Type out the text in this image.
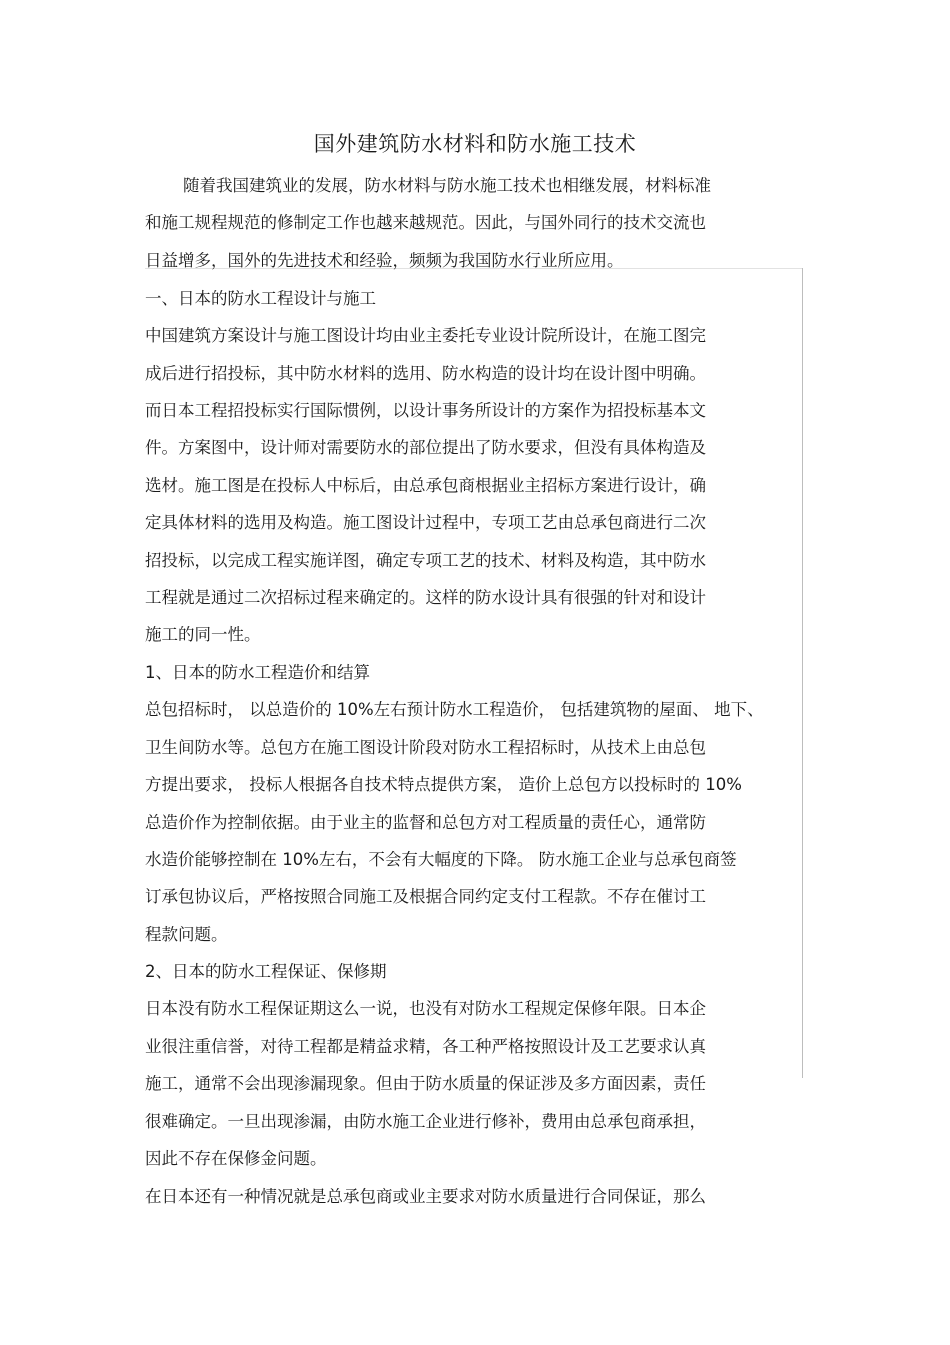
国外建筑防水材料和防水施工技术
随着我国建筑业的发展，防水材料与防水施工技术也相继发展，材料标准
和施工规程规范的修制定工作也越来越规范。因此，与国外同行的技术交流也
日益增多，国外的先进技术和经验，频频为我国防水行业所应用。
一、日本的防水工程设计与施工
中国建筑方案设计与施工图设计均由业主委托专业设计院所设计，在施工图完
成后进行招投标，其中防水材料的选用、防水构造的设计均在设计图中明确。
而日本工程招投标实行国际惯例，以设计事务所设计的方案作为招投标基本文
件。方案图中，设计师对需要防水的部位提出了防水要求，但没有具体构造及
选材。施工图是在投标人中标后，由总承包商根据业主招标方案进行设计，确
定具体材料的选用及构造。施工图设计过程中，专项工艺由总承包商进行二次
招投标，以完成工程实施详图，确定专项工艺的技术、材料及构造，其中防水
工程就是通过二次招标过程来确定的。这样的防水设计具有很强的针对和设计
施工的同一性。
1、日本的防水工程造价和结算
总包招标时， 以总造价的 10%左右预计防水工程造价， 包括建筑物的屋面、 地下、
卫生间防水等。总包方在施工图设计阶段对防水工程招标时，从技术上由总包
方提出要求， 投标人根据各自技术特点提供方案， 造价上总包方以投标时的 10%
总造价作为控制依据。由于业主的监督和总包方对工程质量的责任心，通常防
水造价能够控制在 10%左右，不会有大幅度的下降。 防水施工企业与总承包商签
订承包协议后，严格按照合同施工及根据合同约定支付工程款。不存在催讨工
程款问题。
2、日本的防水工程保证、保修期
日本没有防水工程保证期这么一说，也没有对防水工程规定保修年限。日本企
业很注重信誉，对待工程都是精益求精，各工种严格按照设计及工艺要求认真
施工，通常不会出现渗漏现象。但由于防水质量的保证涉及多方面因素，责任
很难确定。一旦出现渗漏，由防水施工企业进行修补，费用由总承包商承担，
因此不存在保修金问题。
在日本还有一种情况就是总承包商或业主要求对防水质量进行合同保证，那么
